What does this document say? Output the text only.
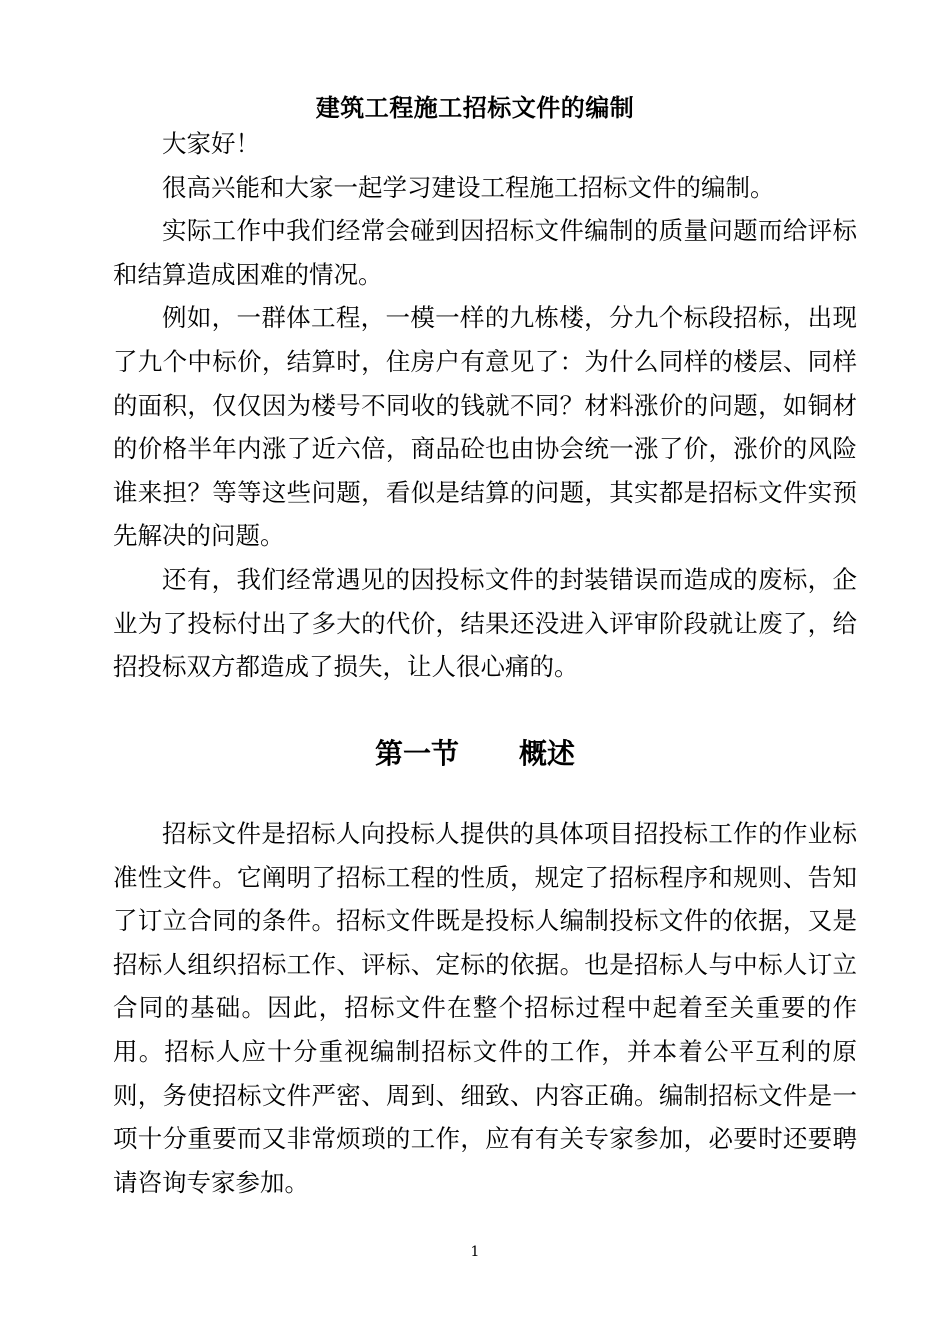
建筑工程施工招标文件的编制

大家好！

很高兴能和大家一起学习建设工程施工招标文件的编制。

实际工作中我们经常会碰到因招标文件编制的质量问题而给评标和结算造成困难的情况。

例如，一群体工程，一模一样的九栋楼，分九个标段招标，出现了九个中标价，结算时，住房户有意见了：为什么同样的楼层、同样的面积，仅仅因为楼号不同收的钱就不同？材料涨价的问题，如铜材的价格半年内涨了近六倍，商品砼也由协会统一涨了价，涨价的风险谁来担？等等这些问题，看似是结算的问题，其实都是招标文件实预先解决的问题。

还有，我们经常遇见的因投标文件的封装错误而造成的废标，企业为了投标付出了多大的代价，结果还没进入评审阶段就让废了，给招投标双方都造成了损失，让人很心痛的。

第一节 概述

招标文件是招标人向投标人提供的具体项目招投标工作的作业标准性文件。它阐明了招标工程的性质，规定了招标程序和规则、告知了订立合同的条件。招标文件既是投标人编制投标文件的依据，又是招标人组织招标工作、评标、定标的依据。也是招标人与中标人订立合同的基础。因此，招标文件在整个招标过程中起着至关重要的作用。招标人应十分重视编制招标文件的工作，并本着公平互利的原则，务使招标文件严密、周到、细致、内容正确。编制招标文件是一项十分重要而又非常烦琐的工作，应有有关专家参加，必要时还要聘请咨询专家参加。

1
